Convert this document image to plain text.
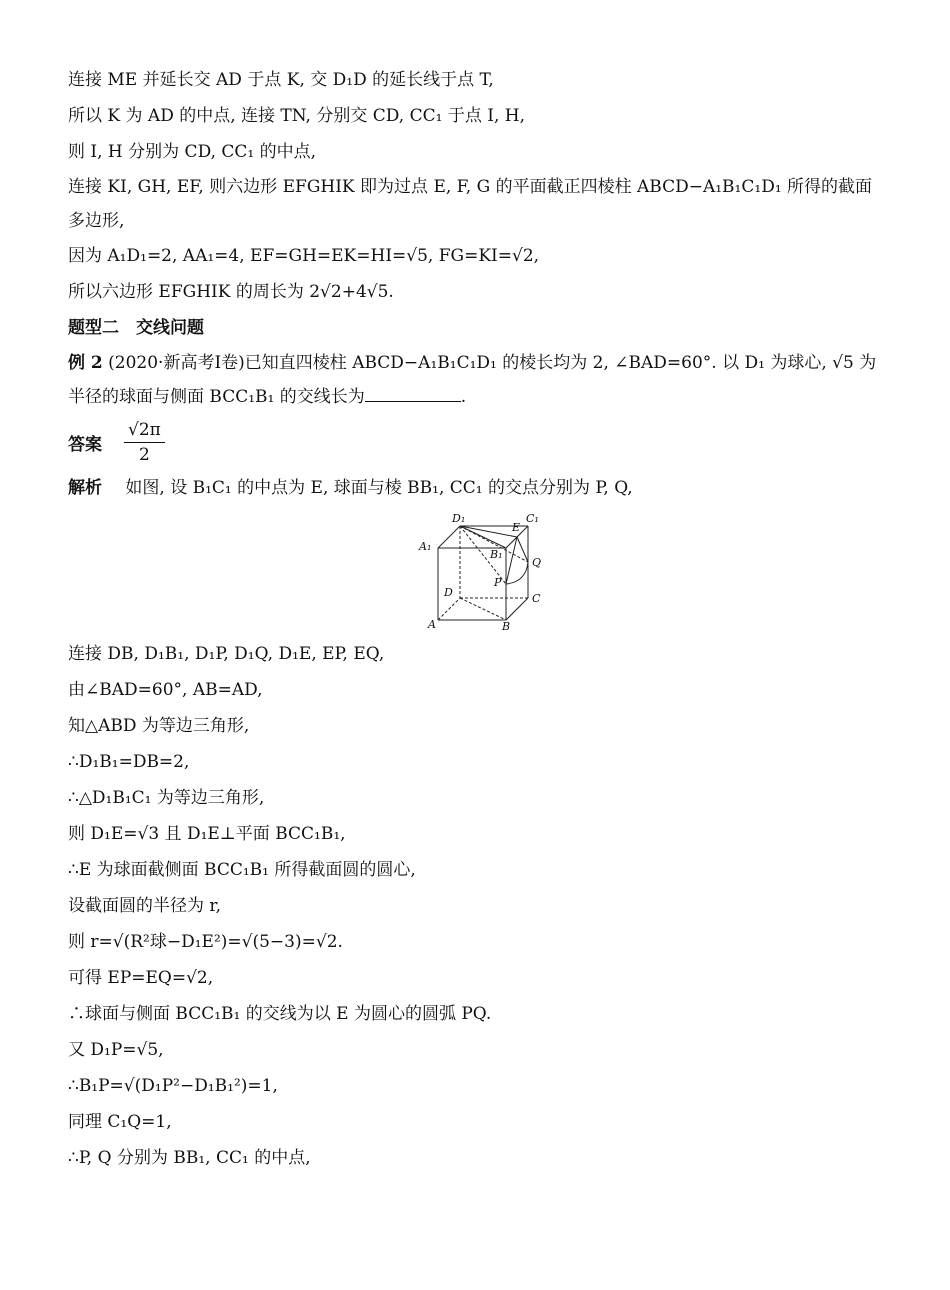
连接 ME 并延长交 AD 于点 K, 交 D₁D 的延长线于点 T,
所以 K 为 AD 的中点, 连接 TN, 分别交 CD, CC₁ 于点 I, H,
则 I, H 分别为 CD, CC₁ 的中点,
连接 KI, GH, EF, 则六边形 EFGHIK 即为过点 E, F, G 的平面截正四棱柱 ABCD−A₁B₁C₁D₁ 所得的截面多边形,
因为 A₁D₁=2, AA₁=4, EF=GH=EK=HI=√5, FG=KI=√2,
所以六边形 EFGHIK 的周长为 2√2+4√5.
题型二　交线问题
例 2 (2020·新高考Ⅰ卷)已知直四棱柱 ABCD−A₁B₁C₁D₁ 的棱长均为 2, ∠BAD=60°. 以 D₁ 为球心, √5 为半径的球面与侧面 BCC₁B₁ 的交线长为	.
答案 $\frac{√2\pi}{2}$
解析 如图, 设 B₁C₁ 的中点为 E, 球面与棱 BB₁, CC₁ 的交点分别为 P, Q,
D₁	C₁
A₁
B₁
E
Q
P
D	C
A	B
连接 DB, D₁B₁, D₁P, D₁Q, D₁E, EP, EQ,
由∠BAD=60°, AB=AD,
知△ABD 为等边三角形,
∴D₁B₁=DB=2,
∴△D₁B₁C₁ 为等边三角形,
则 D₁E=√3 且 D₁E⊥平面 BCC₁B₁,
∴E 为球面截侧面 BCC₁B₁ 所得截面圆的圆心,
设截面圆的半径为 r,
则 r=√(R²球−D₁E²)=√(5−3)=√2.
可得 EP=EQ=√2,
∴球面与侧面 BCC₁B₁ 的交线为以 E 为圆心的圆弧 PQ.
又 D₁P=√5,
∴B₁P=√(D₁P²−D₁B₁²)=1,
同理 C₁Q=1,
∴P, Q 分别为 BB₁, CC₁ 的中点,
